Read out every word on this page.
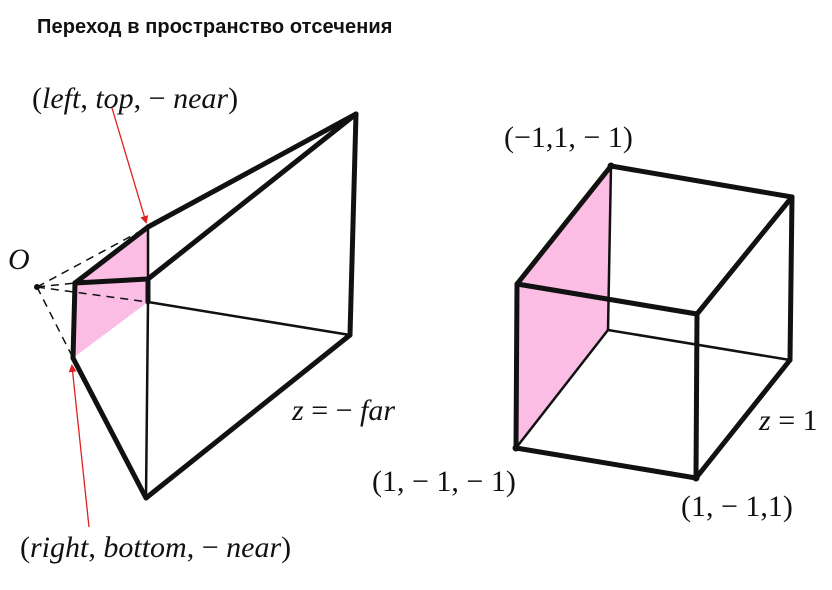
Переход в пространство отсечения
O
(left, top, − near)
(right, bottom, − near)
z = − far
(−1,1, − 1)
(1, − 1, − 1)
(1, − 1,1)
z = 1
